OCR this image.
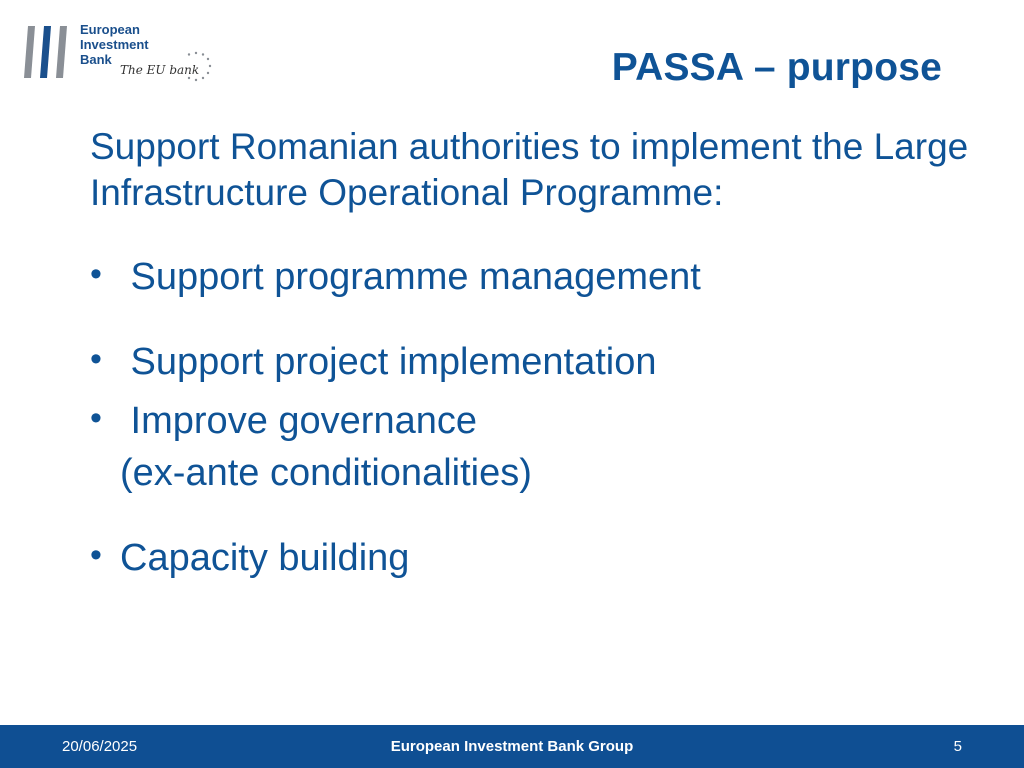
European
Investment
Bank
The EU bank	PASSA – purpose
Support Romanian authorities to implement the Large Infrastructure Operational Programme:
• Support programme management
• Support project implementation
• Improve governance
(ex-ante conditionalities)
• Capacity building
20/06/2025	European Investment Bank Group	5
